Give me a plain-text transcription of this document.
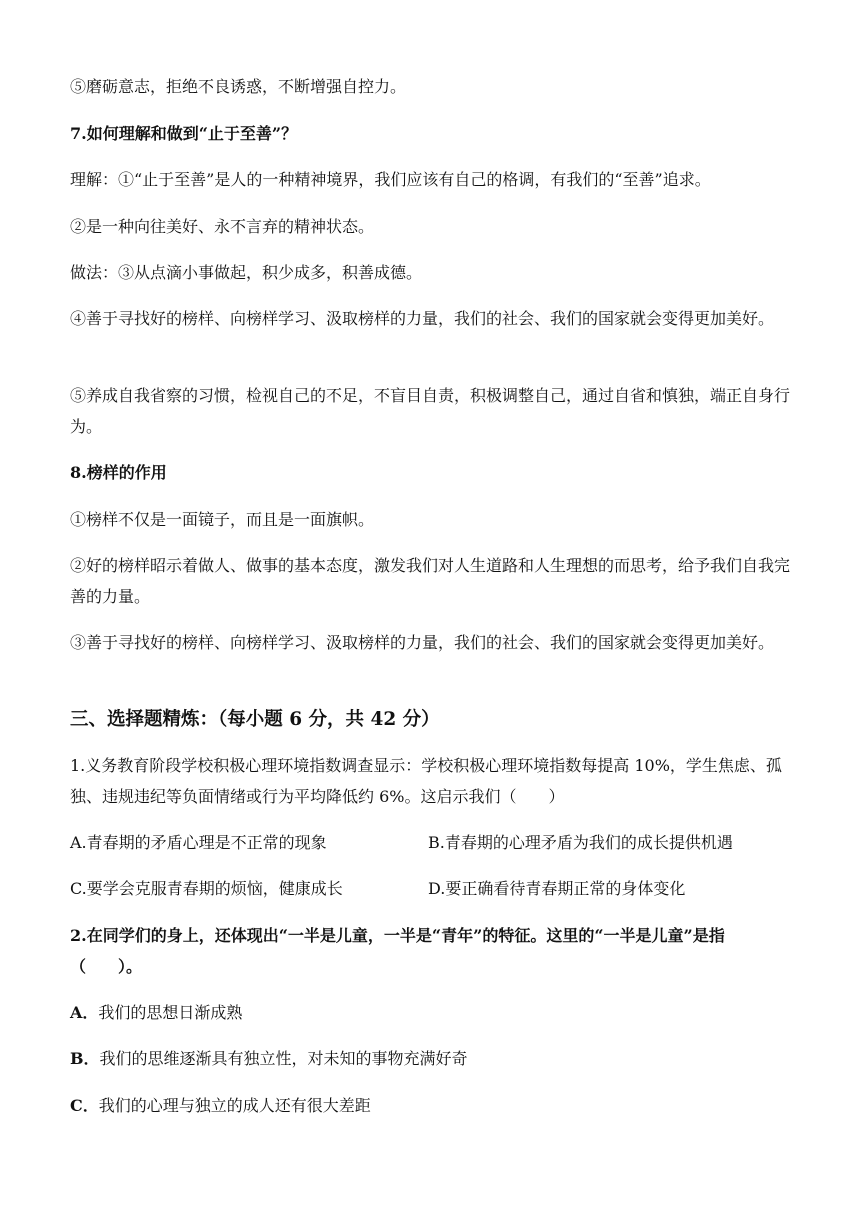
⑤磨砺意志，拒绝不良诱惑，不断增强自控力。

7.如何理解和做到“止于至善”？

理解：①“止于至善”是人的一种精神境界，我们应该有自己的格调，有我们的“至善”追求。

②是一种向往美好、永不言弃的精神状态。

做法：③从点滴小事做起，积少成多，积善成德。

④善于寻找好的榜样、向榜样学习、汲取榜样的力量，我们的社会、我们的国家就会变得更加美好。

⑤养成自我省察的习惯，检视自己的不足，不盲目自责，积极调整自己，通过自省和慎独，端正自身行为。

8.榜样的作用

①榜样不仅是一面镜子，而且是一面旗帜。

②好的榜样昭示着做人、做事的基本态度，激发我们对人生道路和人生理想的而思考，给予我们自我完善的力量。

③善于寻找好的榜样、向榜样学习、汲取榜样的力量，我们的社会、我们的国家就会变得更加美好。

三、选择题精炼：（每小题 6 分，共 42 分）

1.义务教育阶段学校积极心理环境指数调查显示：学校积极心理环境指数每提高 10%，学生焦虑、孤独、违规违纪等负面情绪或行为平均降低约 6%。这启示我们（　　）

A.青春期的矛盾心理是不正常的现象	B.青春期的心理矛盾为我们的成长提供机遇

C.要学会克服青春期的烦恼，健康成长	D.要正确看待青春期正常的身体变化

2.在同学们的身上，还体现出“一半是儿童，一半是“青年”的特征。这里的“一半是儿童”是指（　　）。

A．我们的思想日渐成熟

B．我们的思维逐渐具有独立性，对未知的事物充满好奇

C．我们的心理与独立的成人还有很大差距
